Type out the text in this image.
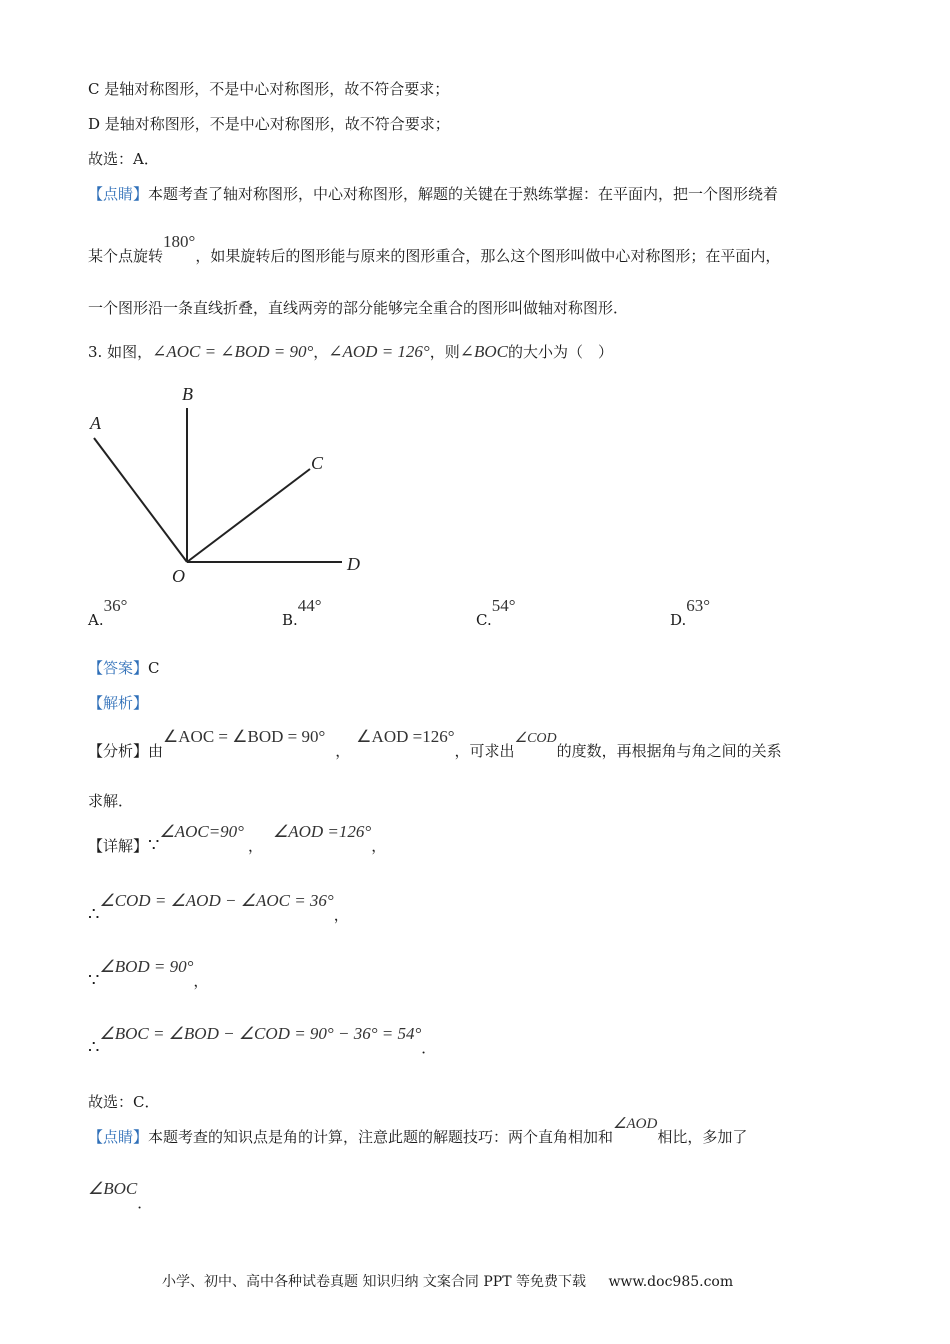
C 是轴对称图形，不是中心对称图形，故不符合要求；
D 是轴对称图形，不是中心对称图形，故不符合要求；
故选：A．
【点睛】本题考查了轴对称图形，中心对称图形，解题的关键在于熟练掌握：在平面内，把一个图形绕着
某个点旋转180°，如果旋转后的图形能与原来的图形重合，那么这个图形叫做中心对称图形；在平面内，
一个图形沿一条直线折叠，直线两旁的部分能够完全重合的图形叫做轴对称图形．
3. 如图，∠AOC = ∠BOD = 90°，∠AOD = 126°，则∠BOC的大小为（　）
A
B
C
D
O
A.36°
B.44°
C.54°
D.63°
【答案】C
【解析】
【分析】由∠AOC = ∠BOD = 90°，∠AOD =126°，可求出∠COD的度数，再根据角与角之间的关系
求解．
【详解】∵∠AOC=90°，∠AOD =126°，
∴∠COD = ∠AOD − ∠AOC = 36°，
∵∠BOD = 90°，
∴∠BOC = ∠BOD − ∠COD = 90° − 36° = 54°．
故选：C．
【点睛】本题考查的知识点是角的计算，注意此题的解题技巧：两个直角相加和∠AOD相比，多加了
∠BOC．
小学、初中、高中各种试卷真题 知识归纳 文案合同 PPT 等免费下载 www.doc985.com
